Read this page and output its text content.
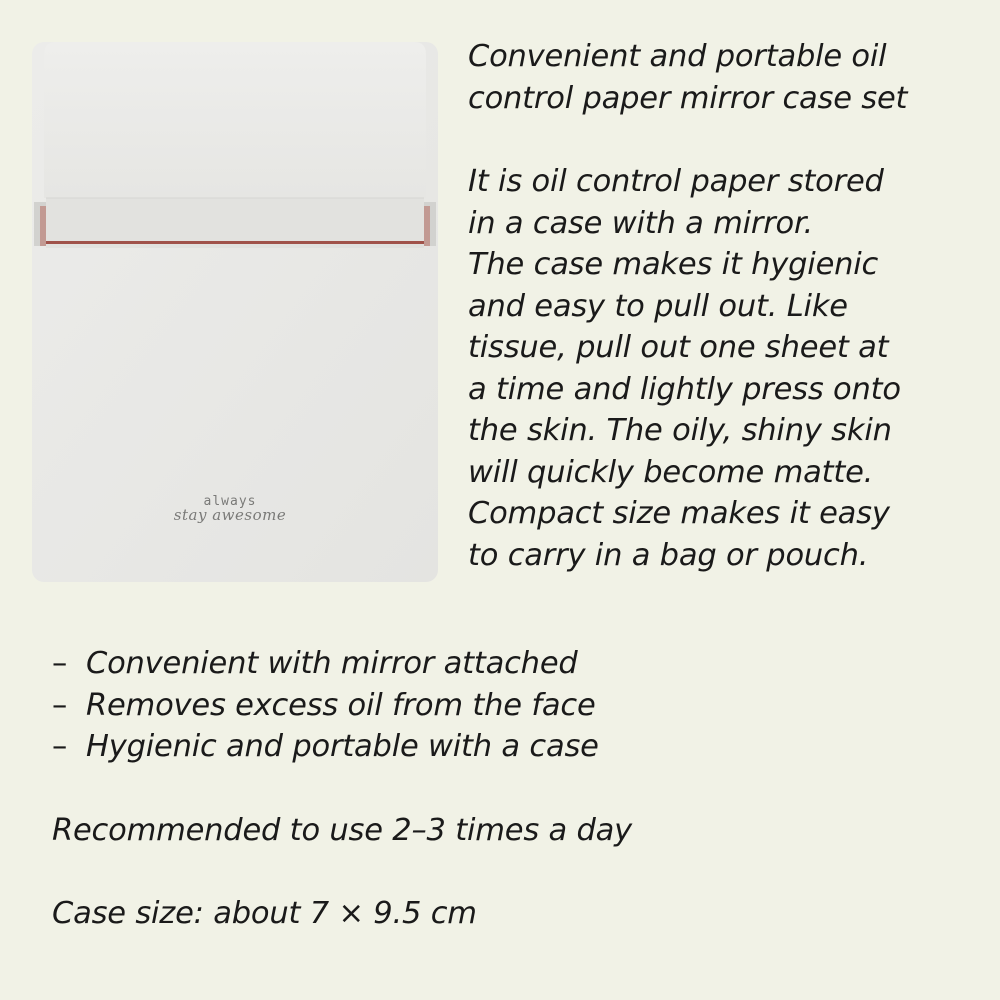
always
stay awesome

Convenient and portable oil
control paper mirror case set

It is oil control paper stored
in a case with a mirror.
The case makes it hygienic
and easy to pull out. Like
tissue, pull out one sheet at
a time and lightly press onto
the skin. The oily, shiny skin
will quickly become matte.
Compact size makes it easy
to carry in a bag or pouch.

– Convenient with mirror attached
– Removes excess oil from the face
– Hygienic and portable with a case

Recommended to use 2–3 times a day

Case size: about 7 × 9.5 cm
